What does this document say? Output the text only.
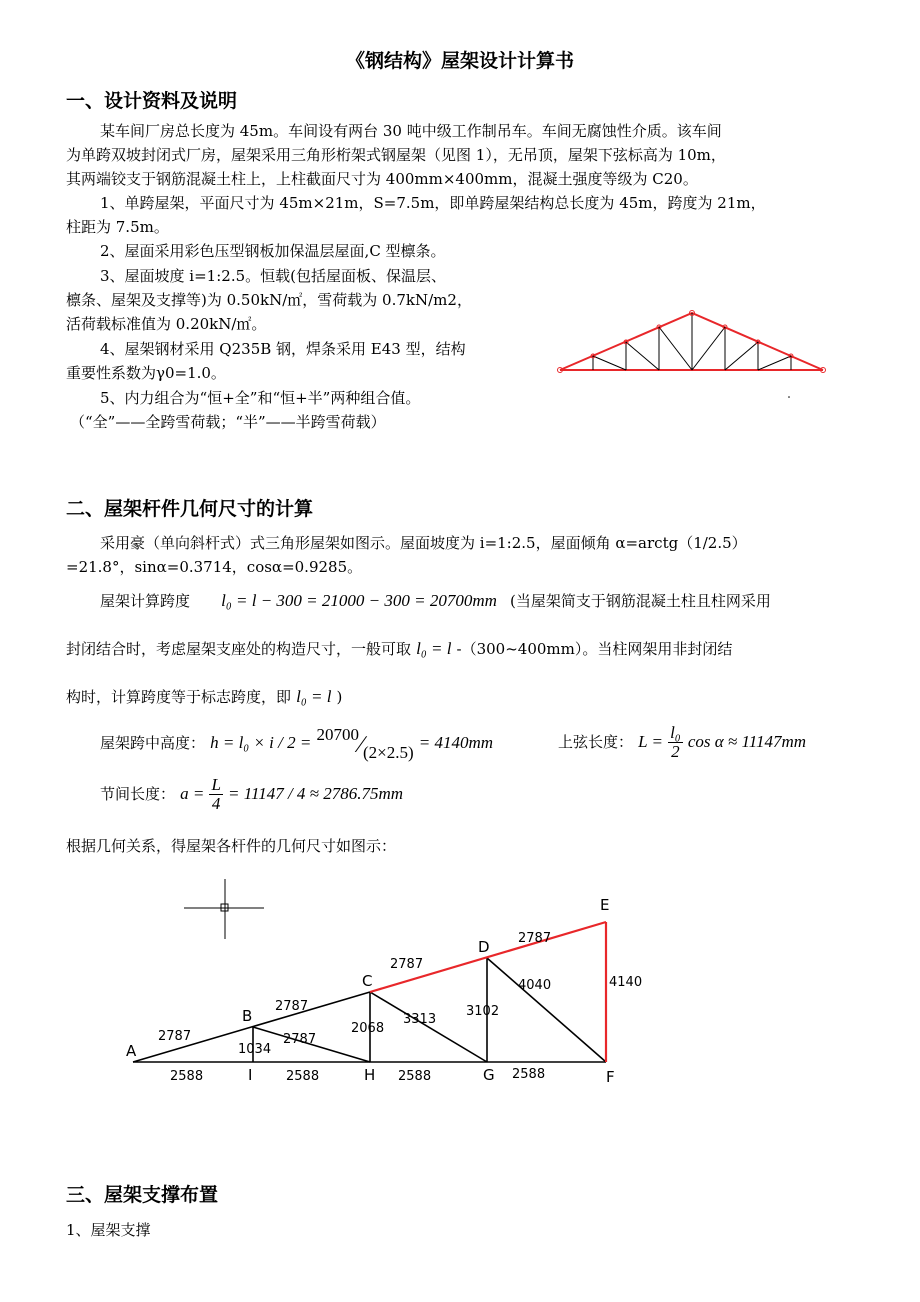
《钢结构》屋架设计计算书
一、设计资料及说明
某车间厂房总长度为 45m。车间设有两台 30 吨中级工作制吊车。车间无腐蚀性介质。该车间
为单跨双坡封闭式厂房，屋架采用三角形桁架式钢屋架（见图 1），无吊顶，屋架下弦标高为 10m，
其两端铰支于钢筋混凝土柱上，上柱截面尺寸为 400mm×400mm，混凝土强度等级为 C20。
1、单跨屋架，平面尺寸为 45m×21m，S=7.5m，即单跨屋架结构总长度为 45m，跨度为 21m，
柱距为 7.5m。
2、屋面采用彩色压型钢板加保温层屋面,C 型檩条。
3、屋面坡度 i=1:2.5。恒载(包括屋面板、保温层、
檩条、屋架及支撑等)为 0.50kN/㎡，雪荷载为 0.7kN/m2，
活荷载标准值为 0.20kN/㎡。
4、屋架钢材采用 Q235B 钢，焊条采用 E43 型，结构
重要性系数为γ0=1.0。
5、内力组合为“恒+全”和“恒+半”两种组合值。
（“全”——全跨雪荷载；“半”——半跨雪荷载）
二、屋架杆件几何尺寸的计算
采用豪（单向斜杆式）式三角形屋架如图示。屋面坡度为 i=1:2.5，屋面倾角 α=arctg（1/2.5）
=21.8°，sinα=0.3714，cosα=0.9285。
屋架计算跨度 l₀ = l − 300 = 21000 − 300 = 20700mm (当屋架简支于钢筋混凝土柱且柱网采用
封闭结合时，考虑屋架支座处的构造尺寸，一般可取 l₀ = l -（300~400mm）。当柱网架用非封闭结
构时，计算跨度等于标志跨度，即 l₀ = l )
屋架跨中高度： h = l₀ × i / 2 = 20700∕(2×2.5) = 4140mm	上弦长度： $L = \frac{\text{l₀}}{2}$ cos α ≈ 11147mm
节间长度： $a = \frac{L}{4} = 11147 / 4 \approx 2786.75mm$
根据几何关系，得屋架各杆件的几何尺寸如图示：
A
B
C
D
E
F
G
H
I
2787
2787
2787
2787
2588	2588	2588	2588
1034
2068
3102
4140
2787
3313
4040
三、屋架支撑布置
1、屋架支撑
